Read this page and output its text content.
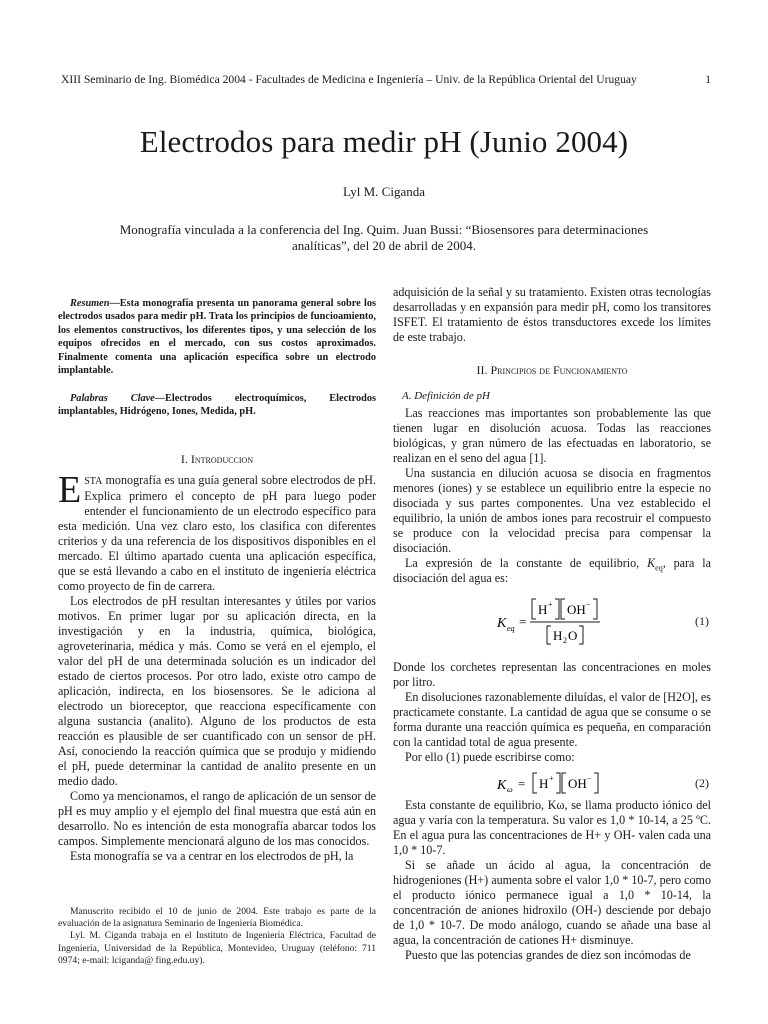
XIII Seminario de Ing. Biomédica 2004 - Facultades de Medicina e Ingeniería – Univ. de la República Oriental del Uruguay	1
Electrodos para medir pH (Junio 2004)
Lyl M. Ciganda
Monografía vinculada a la conferencia del Ing. Quim. Juan Bussi: “Biosensores para determinaciones analíticas”, del 20 de abril de 2004.
Resumen—Esta monografía presenta un panorama general sobre los electrodos usados para medir pH. Trata los principios de funcioamiento, los elementos constructivos, los diferentes tipos, y una selección de los equipos ofrecidos en el mercado, con sus costos aproximados. Finalmente comenta una aplicación específica sobre un electrodo implantable.
Palabras Clave—Electrodos electroquímicos, Electrodos implantables, Hidrógeno, Iones, Medida, pH.
I. Introduccion

ESTA monografía es una guía general sobre electrodos de pH. Explica primero el concepto de pH para luego poder entender el funcionamiento de un electrodo específico para esta medición. Una vez claro esto, los clasifica con diferentes criterios y da una referencia de los dispositivos disponibles en el mercado. El último apartado cuenta una aplicación específica, que se está llevando a cabo en el instituto de ingeniería eléctrica como proyecto de fin de carrera.

Los electrodos de pH resultan interesantes y útiles por varios motivos. En primer lugar por su aplicación directa, en la investigación y en la industria, química, biológica, agroveterinaria, médica y más. Como se verá en el ejemplo, el valor del pH de una determinada solución es un indicador del estado de ciertos procesos. Por otro lado, existe otro campo de aplicación, indirecta, en los biosensores. Se le adiciona al electrodo un bioreceptor, que reacciona específicamente con alguna sustancia (analito). Alguno de los productos de esta reacción es plausible de ser cuantificado con un sensor de pH. Así, conociendo la reacción química que se produjo y midiendo el pH, puede determinar la cantidad de analito presente en un medio dado.

Como ya mencionamos, el rango de aplicación de un sensor de pH es muy amplio y el ejemplo del final muestra que está aún en desarrollo. No es intención de esta monografía abarcar todos los campos. Simplemente mencionará alguno de los mas conocidos.

Esta monografía se va a centrar en los electrodos de pH, la

Manuscrito recibido el 10 de junio de 2004. Este trabajo es parte de la evaluación de la asignatura Seminario de Ingeniería Biomédica.

Lyl. M. Ciganda trabaja en el Instituto de Ingeniería Eléctrica, Facultad de Ingeniería, Universidad de la República, Montevideo, Uruguay (teléfono: 711 0974; e-mail: lciganda@ fing.edu.uy).

adquisición de la señal y su tratamiento. Existen otras tecnologías desarrolladas y en expansión para medir pH, como los transitores ISFET. El tratamiento de éstos transductores excede los límites de este trabajo.

II. Principios de Funcionamiento
A. Definición de pH

Las reacciones mas importantes son probablemente las que tienen lugar en disolución acuosa. Todas las reacciones biológicas, y gran número de las efectuadas en laboratorio, se realizan en el seno del agua [1].

Una sustancia en dilución acuosa se disocia en fragmentos menores (iones) y se establece un equilibrio entre la especie no disociada y sus partes componentes. Una vez establecido el equilibrio, la unión de ambos iones para recostruir el compuesto se produce con la velocidad precisa para compensar la disociación.

La expresión de la constante de equilibrio, $K_{eq}$, para la disociación del agua es:

K eq =
H + OH −
H 2 O
(1)

Donde los corchetes representan las concentraciones en moles por litro.

En disoluciones razonablemente diluídas, el valor de [H2O], es practicamete constante. La cantidad de agua que se consume o se forma durante una reacción química es pequeña, en comparación con la cantidad total de agua presente.

Por ello (1) puede escribirse como:

K ω = H + OH −	(2)

Esta constante de equilibrio, Kω, se llama producto iónico del agua y varía con la temperatura. Su valor es 1,0 * 10-14, a 25 ºC. En el agua pura las concentraciones de H+ y OH- valen cada una 1,0 * 10-7.

Si se añade un ácido al agua, la concentración de hidrogeniones (H+) aumenta sobre el valor 1,0 * 10-7, pero como el producto iónico permanece igual a 1,0 * 10-14, la concentración de aniones hidroxilo (OH-) desciende por debajo de 1,0 * 10-7. De modo análogo, cuando se añade una base al agua, la concentración de cationes H+ disminuye.

Puesto que las potencias grandes de diez son incómodas de
